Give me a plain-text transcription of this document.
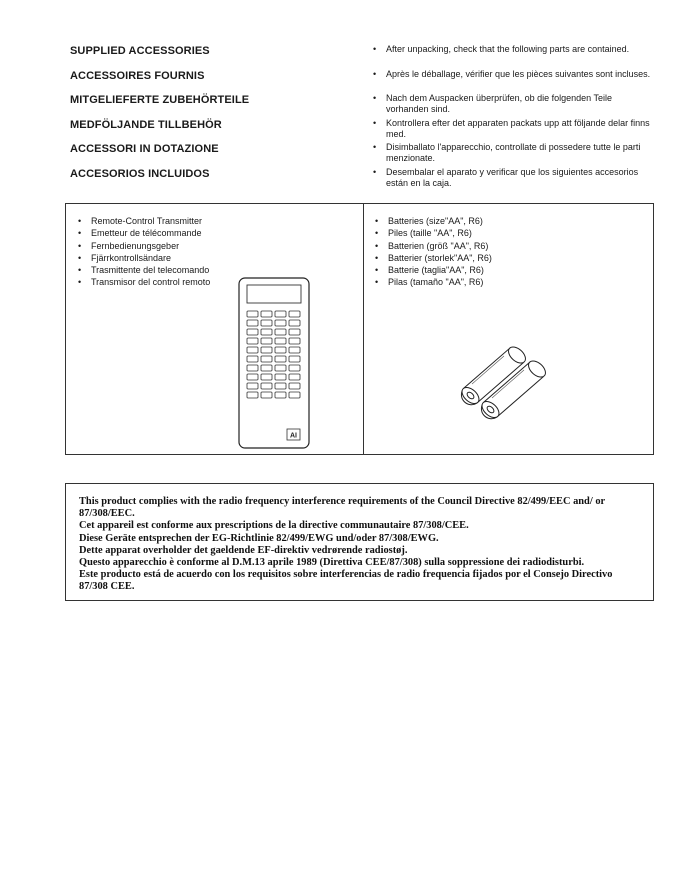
SUPPLIED ACCESSORIES
ACCESSOIRES FOURNIS
MITGELIEFERTE ZUBEHÖRTEILE
MEDFÖLJANDE TILLBEHÖR
ACCESSORI IN DOTAZIONE
ACCESORIOS INCLUIDOS
• After unpacking, check that the following parts are contained.
• Après le déballage, vérifier que les pièces suivantes sont incluses.
• Nach dem Auspacken überprüfen, ob die folgenden Teile vorhanden sind.
• Kontrollera efter det apparaten packats upp att följande delar finns med.
• Disimballato l'apparecchio, controllate di possedere tutte le parti menzionate.
• Desembalar el aparato y verificar que los siguientes accesorios están en la caja.
• Remote-Control Transmitter
• Emetteur de télécommande
• Fernbedienungsgeber
• Fjärrkontrollsändare
• Trasmittente del telecomando
• Transmisor del control remoto
AI
• Batteries (size"AA", R6)
• Piles (taille "AA", R6)
• Batterien (größ "AA", R6)
• Batterier (storlek"AA", R6)
• Batterie (taglia"AA", R6)
• Pilas (tamaño "AA", R6)

This product complies with the radio frequency interference requirements of the Council Directive 82/499/EEC and/ or 87/308/EEC.

Cet appareil est conforme aux prescriptions de la directive communautaire 87/308/CEE.

Diese Geräte entsprechen der EG-Richtlinie 82/499/EWG und/oder 87/308/EWG.

Dette apparat overholder det gaeldende EF-direktiv vedrørende radiostøj.

Questo apparecchio è conforme al D.M.13 aprile 1989 (Direttiva CEE/87/308) sulla soppressione dei radiodisturbi.

Este producto está de acuerdo con los requisitos sobre interferencias de radio frequencia fijados por el Consejo Directivo 87/308 CEE.
